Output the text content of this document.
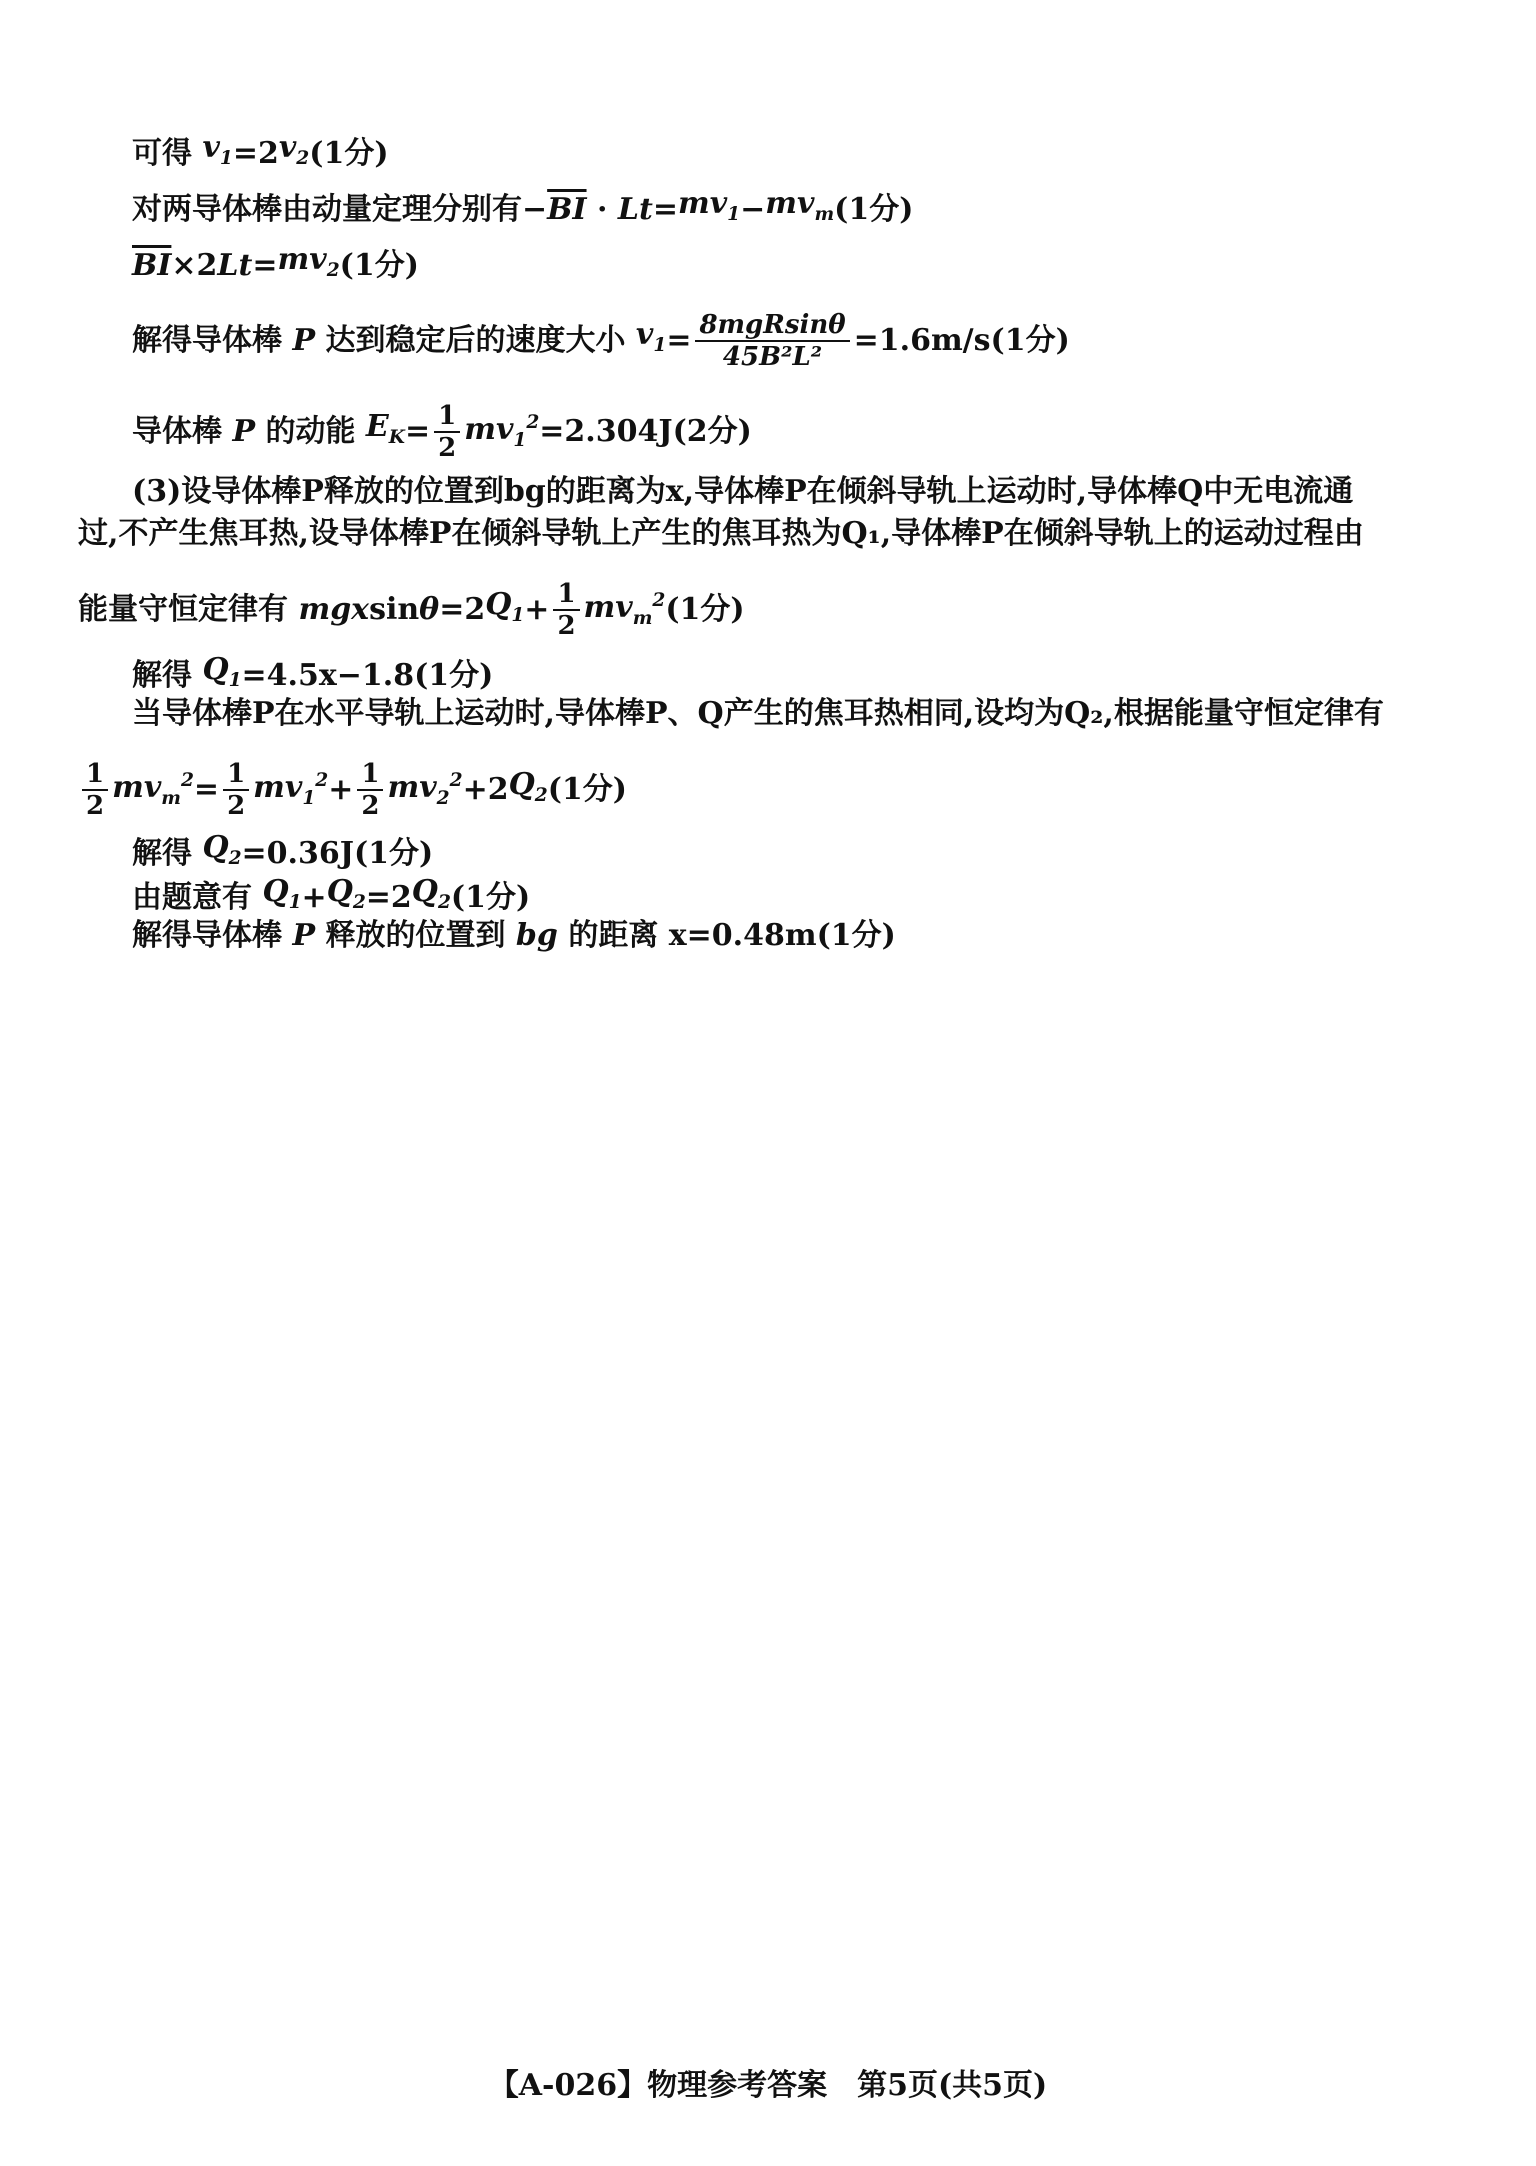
可得
$v_1 =2$ $v_2$ (1分)
对两导体棒由动量定理分别有 − $\overline{BI}$
·
$Lt = mv_1 - mv_m$ (1分)
$\overline{BI} \times 2$ $Lt = mv_2$ (1分)
解得导体棒
P
达到稳定后的速度大小
$v_1 = \frac{\text{8mgRsinθ}}{\text{45B²L²}} =1.6m/s(1$分)
导体棒
P
的动能
$E_K = \frac{1}{2} mv_1^2 =2.304J(2$分)
(3)设导体棒P释放的位置到bg的距离为x,导体棒P在倾斜导轨上运动时,导体棒Q中无电流通
过,不产生焦耳热,设导体棒P在倾斜导轨上产生的焦耳热为Q₁,导体棒P在倾斜导轨上的运动过程由
能量守恒定律有
mgx sin θ =2 $Q_1 + \frac{1}{2} mv_m^2$ (1分)
解得
$Q_1 =4.5x-1.8(1$分)
当导体棒P在水平导轨上运动时,导体棒P、Q产生的焦耳热相同,设均为Q₂,根据能量守恒定律有
$\frac{1}{2} mv_m^2 = \frac{1}{2} mv_1^2 + \frac{1}{2} mv_2^2 +2$ $Q_2$ (1分)
解得
$Q_2 =0.36J(1$分)
由题意有
$Q_1 + Q_2 =2$ $Q_2$ (1分)
解得导体棒
P
释放的位置到
bg
的距离
x=0.48m(1分)
【A-026】物理参考答案　第5页(共5页)
